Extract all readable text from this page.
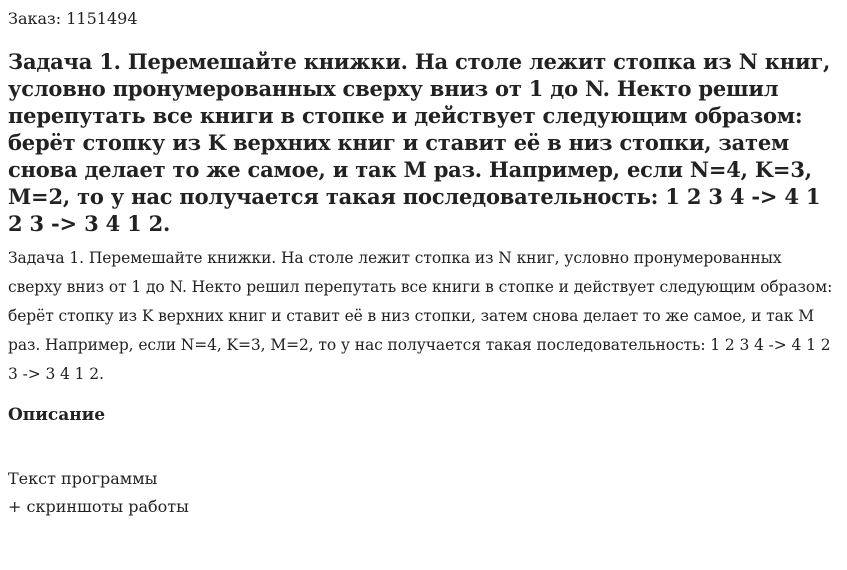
Заказ: 1151494
Задача 1. Перемешайте книжки. На столе лежит стопка из N книг, условно пронумерованных сверху вниз от 1 до N. Некто решил перепутать все книги в стопке и действует следующим образом: берёт стопку из K верхних книг и ставит её в низ стопки, затем снова делает то же самое, и так M раз. Например, если N=4, K=3, M=2, то у нас получается такая последовательность: 1 2 3 4 -> 4 1 2 3 -> 3 4 1 2.

Задача 1. Перемешайте книжки. На столе лежит стопка из N книг, условно пронумерованных сверху вниз от 1 до N. Некто решил перепутать все книги в стопке и действует следующим образом: берёт стопку из K верхних книг и ставит её в низ стопки, затем снова делает то же самое, и так M раз. Например, если N=4, K=3, M=2, то у нас получается такая последовательность: 1 2 3 4 -> 4 1 2 3 -> 3 4 1 2.

Описание

Текст программы

+ скриншоты работы
